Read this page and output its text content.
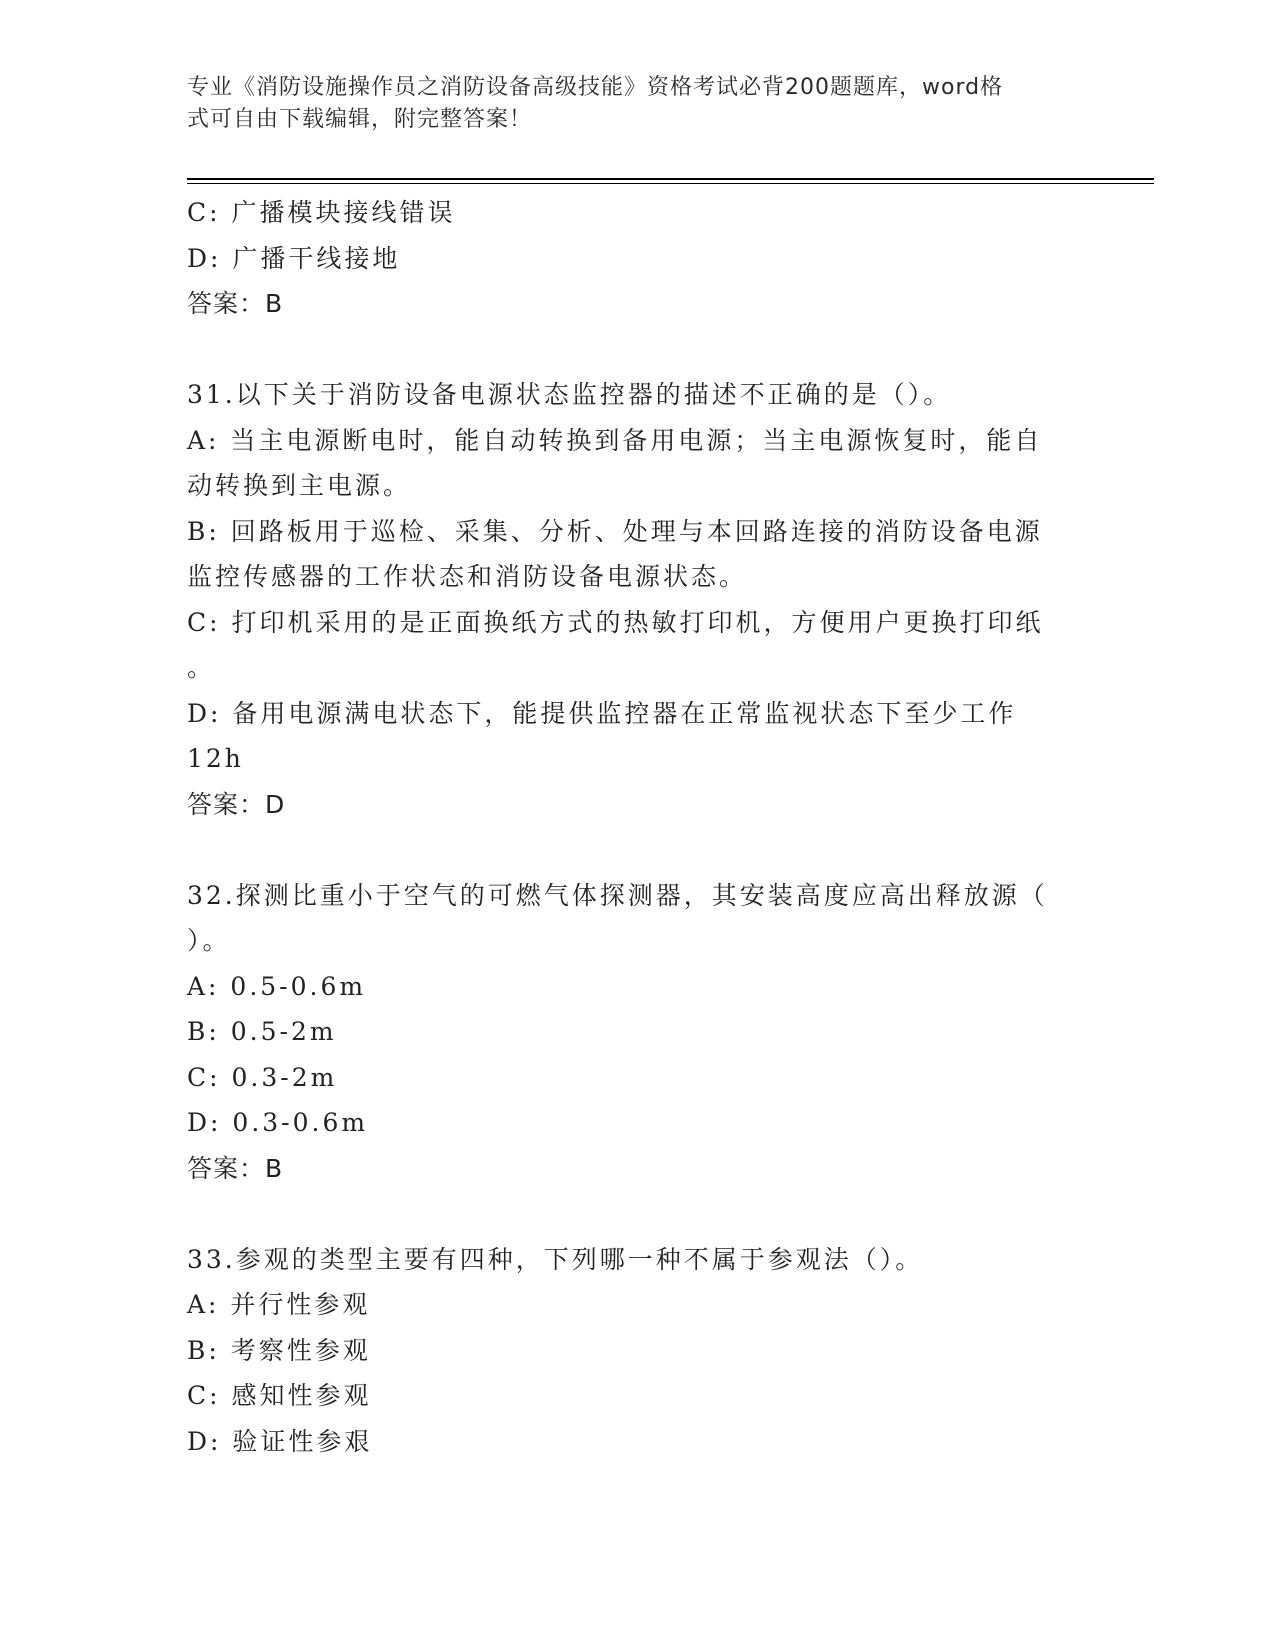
专业《消防设施操作员之消防设备高级技能》资格考试必背200题题库，word格
式可自由下载编辑，附完整答案！
C: 广播模块接线错误
D: 广播干线接地
答案：B
31.以下关于消防设备电源状态监控器的描述不正确的是（）。
A: 当主电源断电时，能自动转换到备用电源；当主电源恢复时，能自
动转换到主电源。
B: 回路板用于巡检、采集、分析、处理与本回路连接的消防设备电源
监控传感器的工作状态和消防设备电源状态。
C: 打印机采用的是正面换纸方式的热敏打印机，方便用户更换打印纸
。
D: 备用电源满电状态下，能提供监控器在正常监视状态下至少工作
12h
答案：D
32.探测比重小于空气的可燃气体探测器，其安装高度应高出释放源（
）。
A: 0.5-0.6m
B: 0.5-2m
C: 0.3-2m
D: 0.3-0.6m
答案：B
33.参观的类型主要有四种，下列哪一种不属于参观法（）。
A: 并行性参观
B: 考察性参观
C: 感知性参观
D: 验证性参艰
